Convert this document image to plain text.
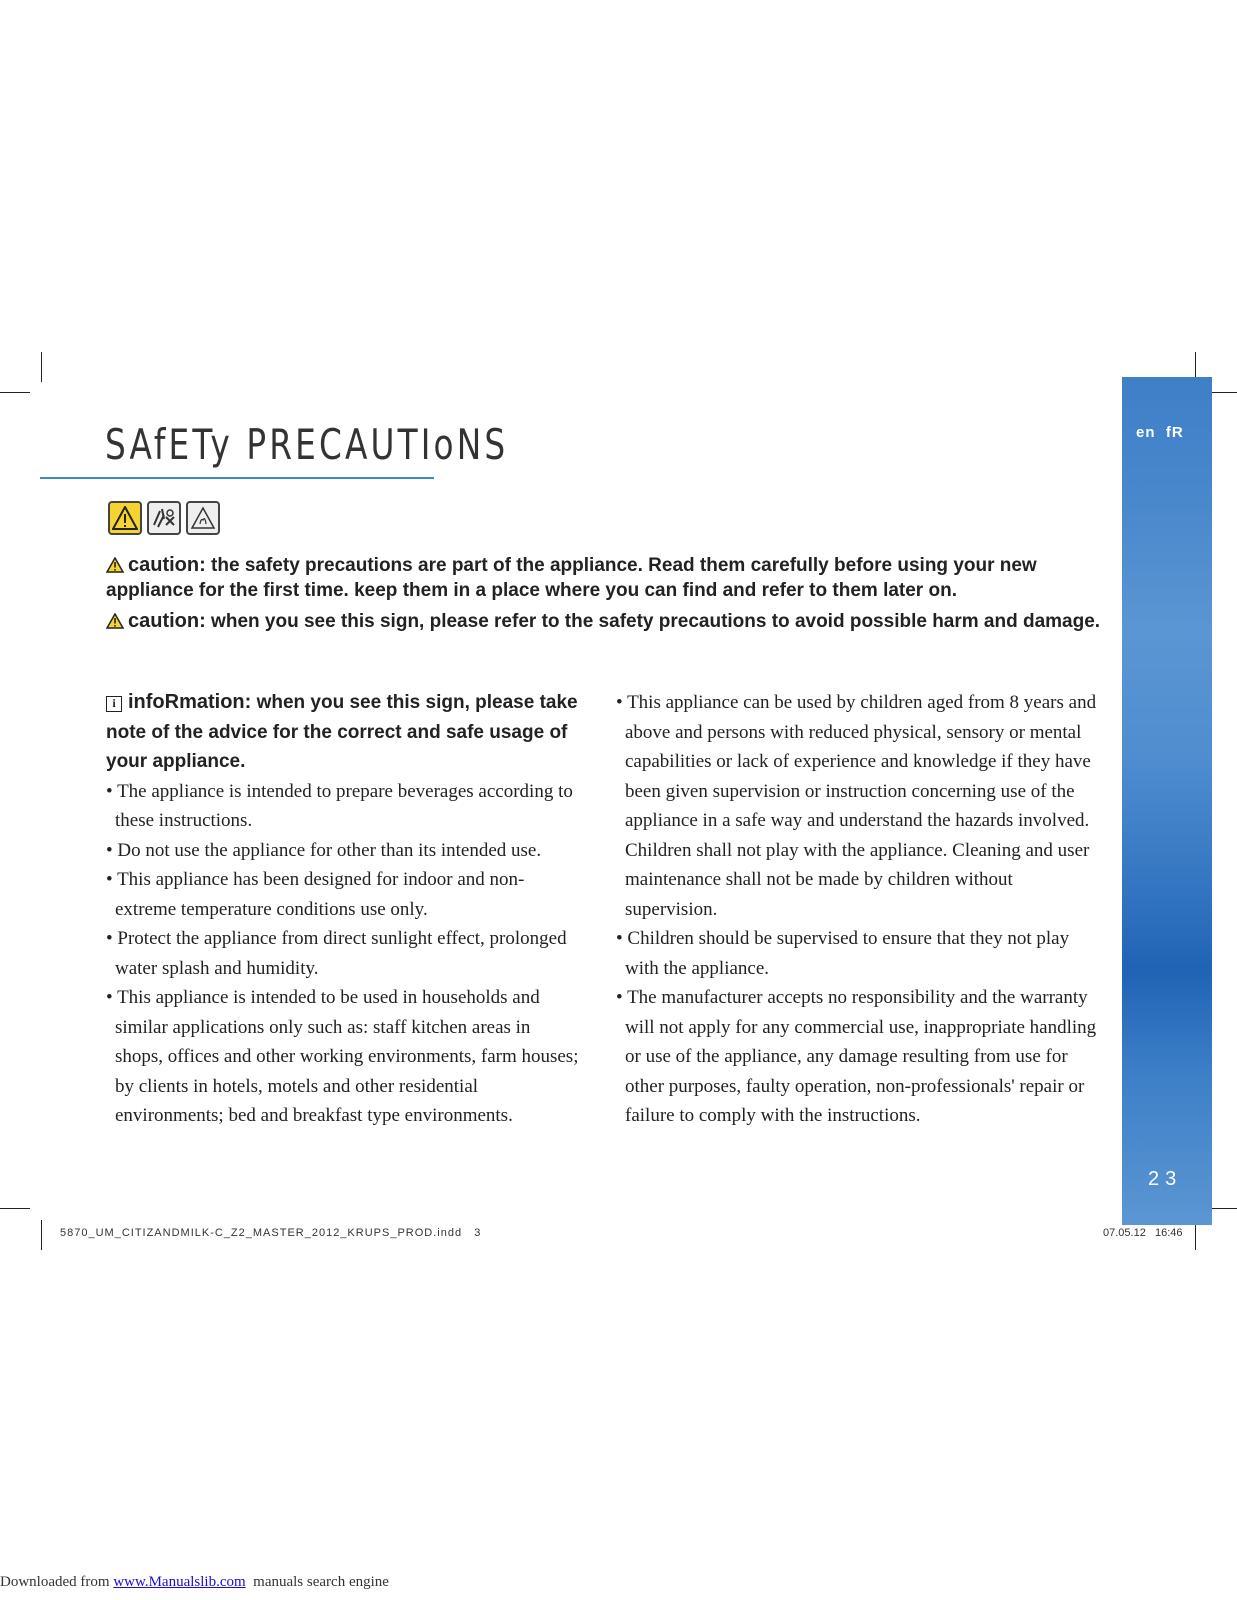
en  fR
23
SAfETy PRECAUTIoNS

caution: the safety precautions are part of the appliance. Read them carefully before using your new appliance for the first time. keep them in a place where you can find and refer to them later on.

caution: when you see this sign, please refer to the safety precautions to avoid possible harm and damage.

i infoRmation: when you see this sign, please take note of the advice for the correct and safe usage of your appliance.

• The appliance is intended to prepare beverages according to these instructions.
• Do not use the appliance for other than its intended use.
• This appliance has been designed for indoor and non-extreme temperature conditions use only.
• Protect the appliance from direct sunlight effect, prolonged water splash and humidity.
• This appliance is intended to be used in households and similar applications only such as: staff kitchen areas in shops, offices and other working environments, farm houses; by clients in hotels, motels and other residential environments; bed and breakfast type environments.
• This appliance can be used by children aged from 8 years and above and persons with reduced physical, sensory or mental capabilities or lack of experience and knowledge if they have been given supervision or instruction concerning use of the appliance in a safe way and understand the hazards involved. Children shall not play with the appliance. Cleaning and user maintenance shall not be made by children without supervision.
• Children should be supervised to ensure that they not play with the appliance.
• The manufacturer accepts no responsibility and the warranty will not apply for any commercial use, inappropriate handling or use of the appliance, any damage resulting from use for other purposes, faulty operation, non-professionals' repair or failure to comply with the instructions.
5870_UM_CITIZANDMILK-C_Z2_MASTER_2012_KRUPS_PROD.indd   3	07.05.12   16:46
Downloaded from www.Manualslib.com  manuals search engine
